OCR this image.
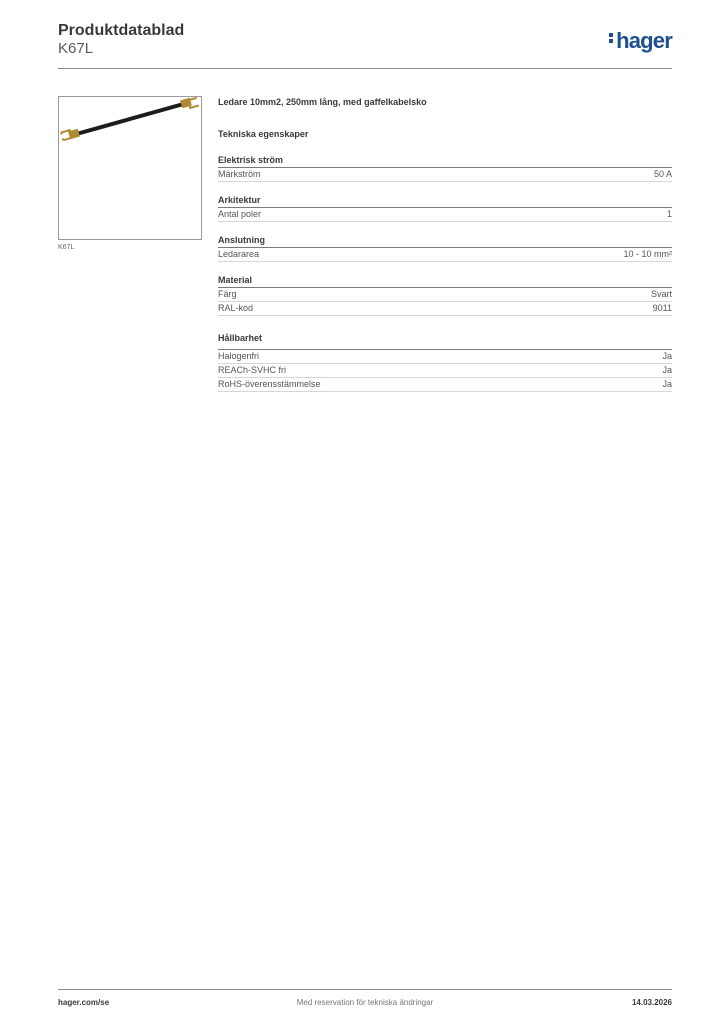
Produktdatablad
K67L	hager
K67L
Ledare 10mm2, 250mm lång, med gaffelkabelsko
Tekniska egenskaper
Elektrisk ström
Märkström	50 A
Arkitektur
Antal poler	1
Anslutning
Ledararea	10 - 10 mm²
Material
Färg	Svart
RAL-kod	9011
Hållbarhet
Halogenfri	Ja
REACh-SVHC fri	Ja
RoHS-överensstämmelse	Ja
Med reservation för tekniska ändringar
hager.com/se	14.03.2026
